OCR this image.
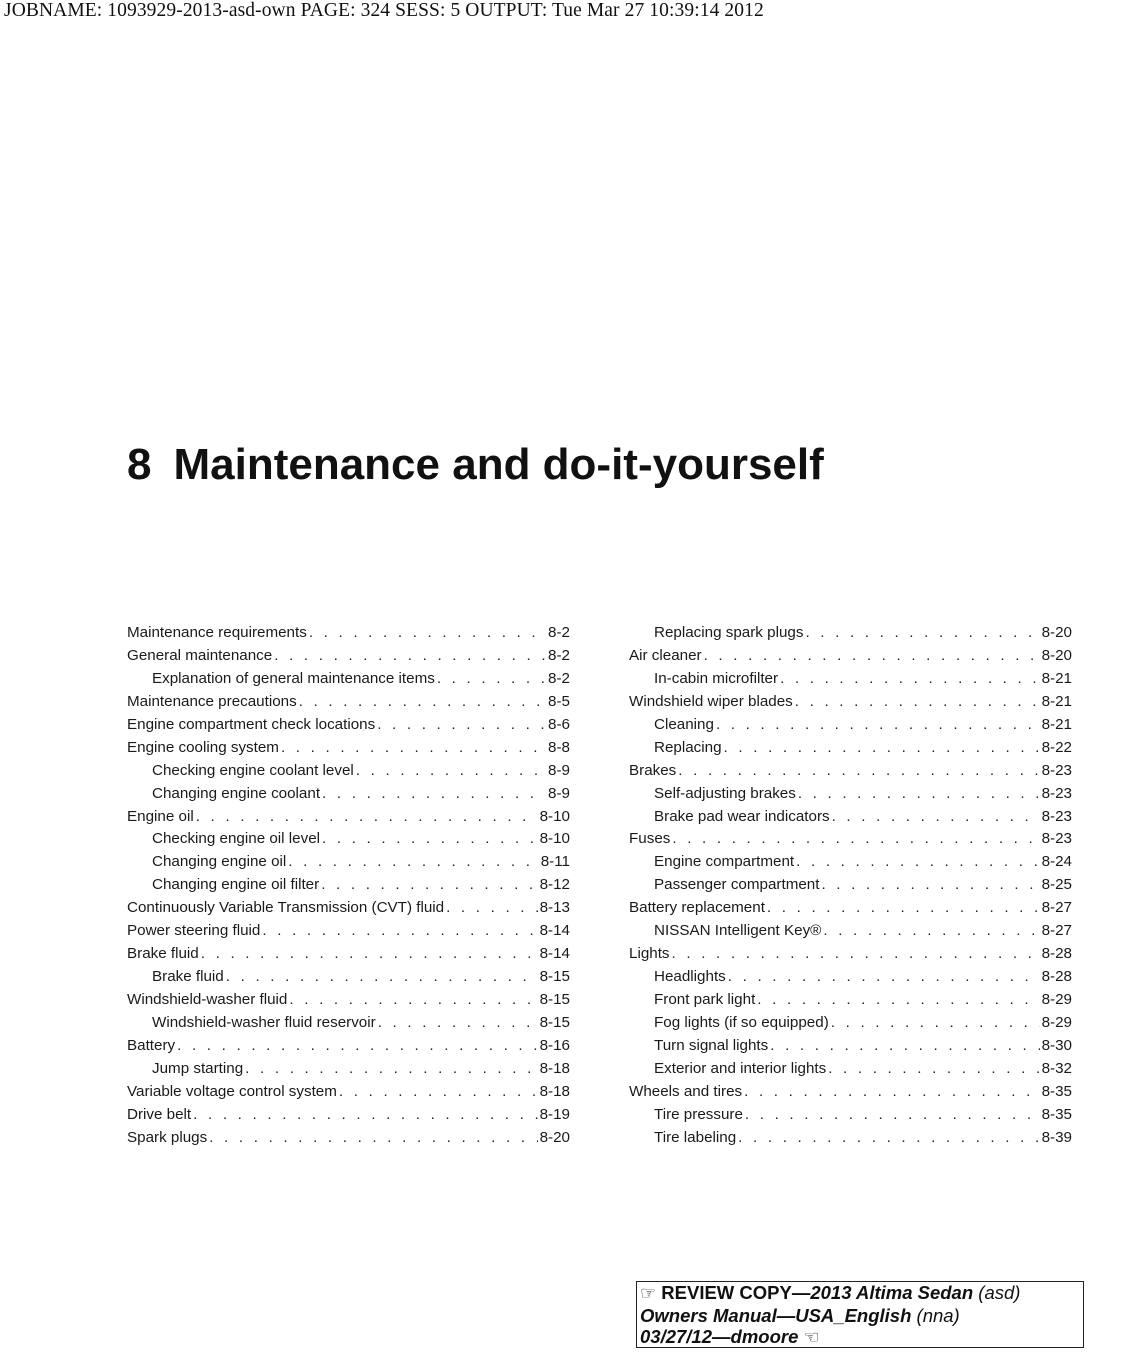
JOBNAME: 1093929-2013-asd-own PAGE: 324 SESS: 5 OUTPUT: Tue Mar 27 10:39:14 2012
8 Maintenance and do-it-yourself
Maintenance requirements . . .	8-2
General maintenance . . .	8-2
Explanation of general maintenance items . . .	8-2
Maintenance precautions . . .	8-5
Engine compartment check locations . . .	8-6
Engine cooling system . . .	8-8
Checking engine coolant level . . .	8-9
Changing engine coolant . . .	8-9
Engine oil . . .	8-10
Checking engine oil level . . .	8-10
Changing engine oil . . .	8-11
Changing engine oil filter . . .	8-12
Continuously Variable Transmission (CVT) fluid . . .	8-13
Power steering fluid . . .	8-14
Brake fluid . . .	8-14
Brake fluid . . .	8-15
Windshield-washer fluid . . .	8-15
Windshield-washer fluid reservoir . . .	8-15
Battery . . .	8-16
Jump starting . . .	8-18
Variable voltage control system . . .	8-18
Drive belt . . .	8-19
Spark plugs . . .	8-20
Replacing spark plugs . . .	8-20
Air cleaner . . .	8-20
In-cabin microfilter . . .	8-21
Windshield wiper blades . . .	8-21
Cleaning . . .	8-21
Replacing . . .	8-22
Brakes . . .	8-23
Self-adjusting brakes . . .	8-23
Brake pad wear indicators . . .	8-23
Fuses . . .	8-23
Engine compartment . . .	8-24
Passenger compartment . . .	8-25
Battery replacement . . .	8-27
NISSAN Intelligent Key® . . .	8-27
Lights . . .	8-28
Headlights . . .	8-28
Front park light . . .	8-29
Fog lights (if so equipped) . . .	8-29
Turn signal lights . . .	8-30
Exterior and interior lights . . .	8-32
Wheels and tires . . .	8-35
Tire pressure . . .	8-35
Tire labeling . . .	8-39
☞ REVIEW COPY—2013 Altima Sedan (asd)
Owners Manual—USA_English (nna)
03/27/12—dmoore ☜
